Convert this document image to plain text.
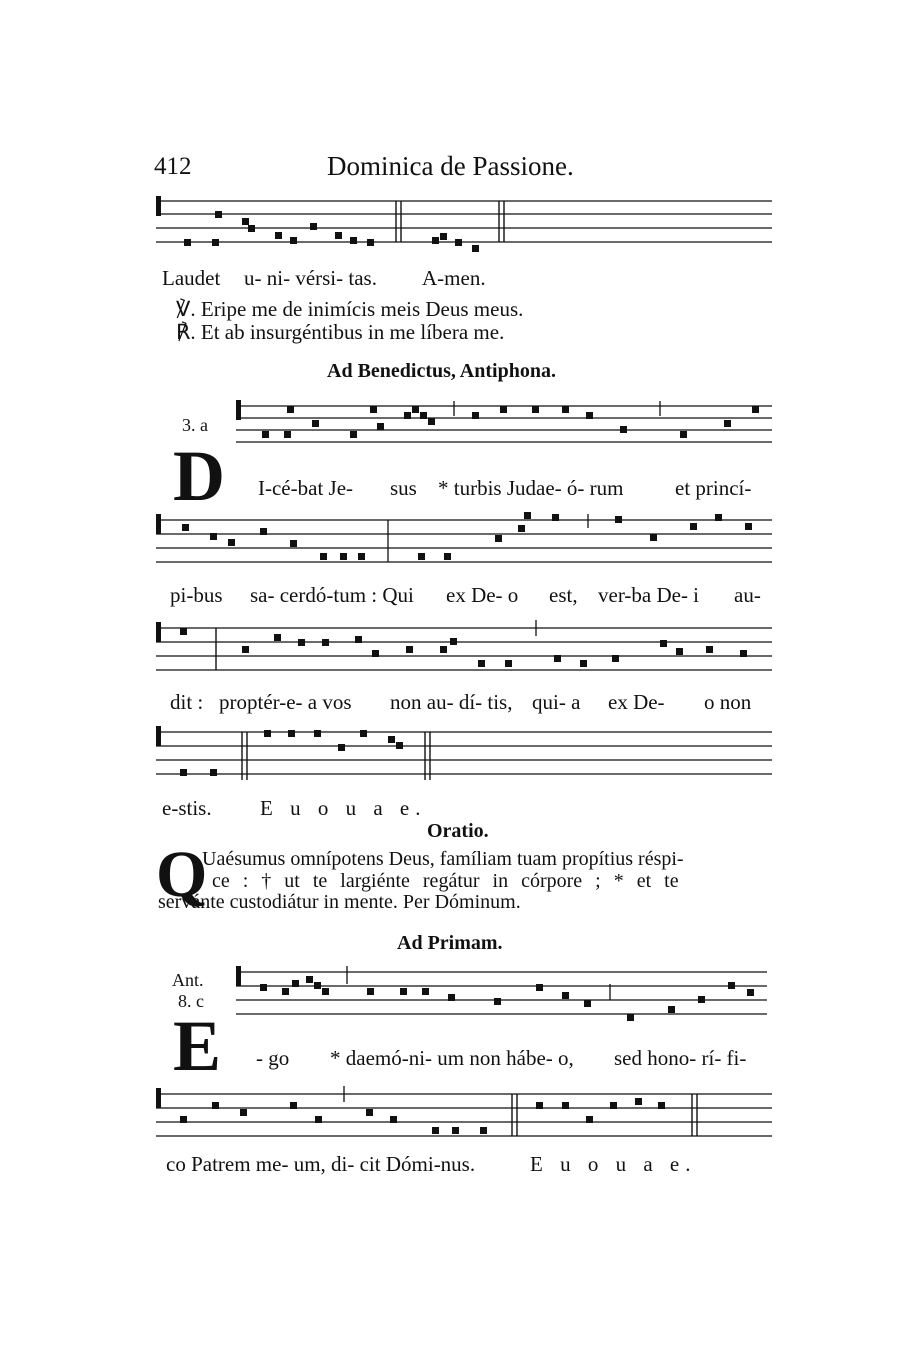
412	Dominica de Passione.
Laudet u- ni- vérsi- tas. A-men.
℣. Eripe me de inimícis meis Deus meus.
℟. Et ab insurgéntibus in me líbera me.
Ad Benedictus, Antiphona.
3. a
D I-cé-bat Je- sus * turbis Judae- ó- rum et princí-
pi-bus sa- cerdó-tum : Qui ex De- o est, ver-ba De- i au-
dit : proptér-e- a vos non au- dí- tis, qui- a ex De- o non
e-stis. E u o u a e.
Oratio.
Q
Uaésumus omnípotens Deus, famíliam tuam propítius réspi-
ce : † ut te largiénte regátur in córpore ; * et te
servánte custodiátur in mente. Per Dóminum.
Ad Primam.
Ant.
8. c
E - go * daemó-ni- um non hábe- o, sed hono- rí- fi-
co Patrem me- um, di- cit Dómi-nus.	E u o u a e.
